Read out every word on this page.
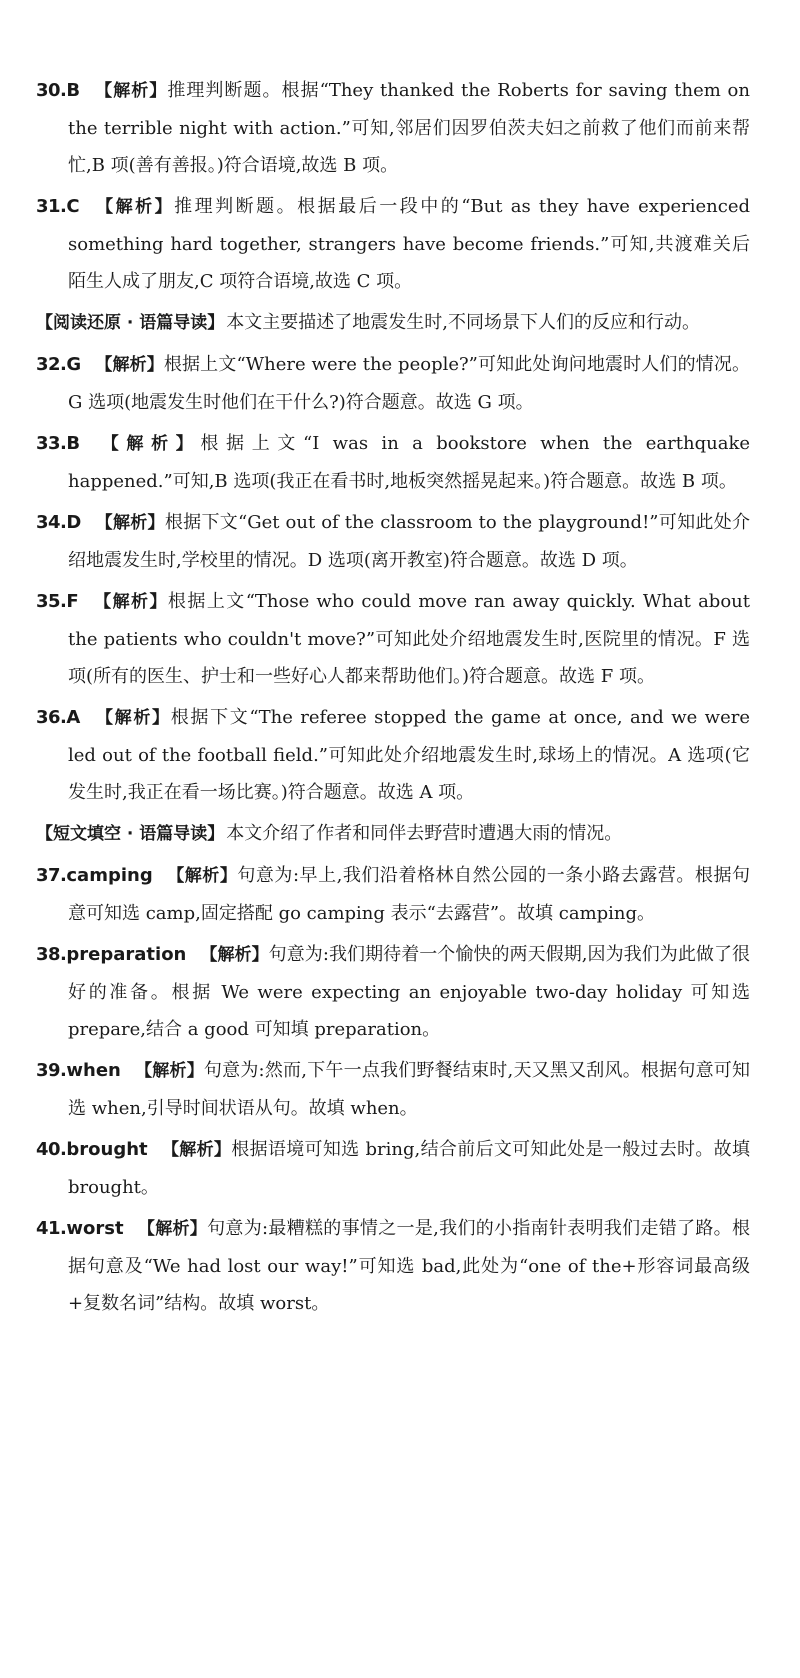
30.B 【解析】推理判断题。根据“They thanked the Roberts for saving them on the terrible night with action.”可知,邻居们因罗伯茨夫妇之前救了他们而前来帮忙,B 项(善有善报。)符合语境,故选 B 项。

31.C 【解析】推理判断题。根据最后一段中的“But as they have experienced something hard together, strangers have become friends.”可知,共渡难关后陌生人成了朋友,C 项符合语境,故选 C 项。

【阅读还原 · 语篇导读】 本文主要描述了地震发生时,不同场景下人们的反应和行动。

32.G 【解析】根据上文“Where were the people?”可知此处询问地震时人们的情况。G 选项(地震发生时他们在干什么?)符合题意。故选 G 项。

33.B 【解析】根据上文“I was in a bookstore when the earthquake happened.”可知,B 选项(我正在看书时,地板突然摇晃起来。)符合题意。故选 B 项。

34.D 【解析】根据下文“Get out of the classroom to the playground!”可知此处介绍地震发生时,学校里的情况。D 选项(离开教室)符合题意。故选 D 项。

35.F 【解析】根据上文“Those who could move ran away quickly. What about the patients who couldn't move?”可知此处介绍地震发生时,医院里的情况。F 选项(所有的医生、护士和一些好心人都来帮助他们。)符合题意。故选 F 项。

36.A 【解析】根据下文“The referee stopped the game at once, and we were led out of the football field.”可知此处介绍地震发生时,球场上的情况。A 选项(它发生时,我正在看一场比赛。)符合题意。故选 A 项。

【短文填空 · 语篇导读】 本文介绍了作者和同伴去野营时遭遇大雨的情况。

37.camping 【解析】句意为:早上,我们沿着格林自然公园的一条小路去露营。根据句意可知选 camp,固定搭配 go camping 表示“去露营”。故填 camping。

38.preparation 【解析】句意为:我们期待着一个愉快的两天假期,因为我们为此做了很好的准备。根据 We were expecting an enjoyable two-day holiday 可知选 prepare,结合 a good 可知填 preparation。

39.when 【解析】句意为:然而,下午一点我们野餐结束时,天又黑又刮风。根据句意可知选 when,引导时间状语从句。故填 when。

40.brought 【解析】根据语境可知选 bring,结合前后文可知此处是一般过去时。故填 brought。

41.worst 【解析】句意为:最糟糕的事情之一是,我们的小指南针表明我们走错了路。根据句意及“We had lost our way!”可知选 bad,此处为“one of the+形容词最高级+复数名词”结构。故填 worst。
